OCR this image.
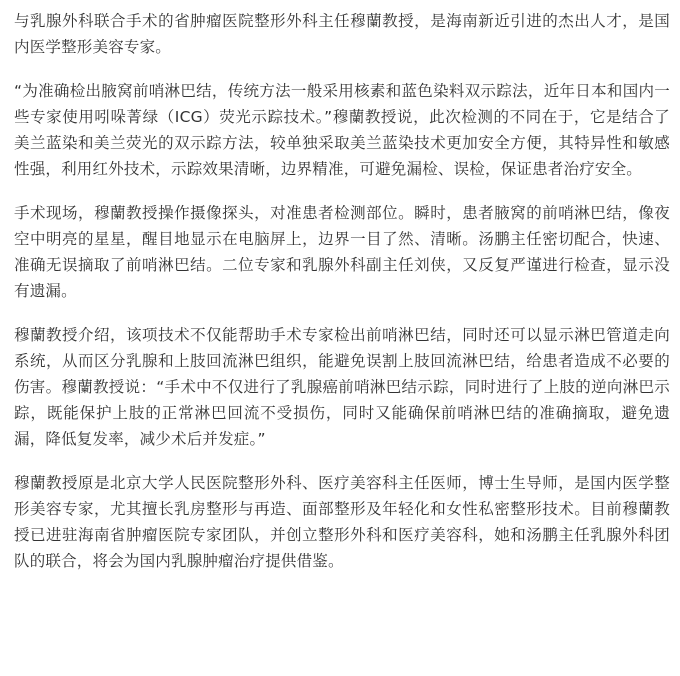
与乳腺外科联合手术的省肿瘤医院整形外科主任穆蘭教授，是海南新近引进的杰出人才，是国内医学整形美容专家。

“为准确检出腋窝前哨淋巴结，传统方法一般采用核素和蓝色染料双示踪法，近年日本和国内一些专家使用吲哚菁绿（ICG）荧光示踪技术。”穆蘭教授说，此次检测的不同在于，它是结合了美兰蓝染和美兰荧光的双示踪方法，较单独采取美兰蓝染技术更加安全方便，其特异性和敏感性强，利用红外技术，示踪效果清晰，边界精准，可避免漏检、误检，保证患者治疗安全。

手术现场，穆蘭教授操作摄像探头，对准患者检测部位。瞬时，患者腋窝的前哨淋巴结，像夜空中明亮的星星，醒目地显示在电脑屏上，边界一目了然、清晰。汤鹏主任密切配合，快速、准确无误摘取了前哨淋巴结。二位专家和乳腺外科副主任刘侠，又反复严谨进行检查，显示没有遗漏。

穆蘭教授介绍，该项技术不仅能帮助手术专家检出前哨淋巴结，同时还可以显示淋巴管道走向系统，从而区分乳腺和上肢回流淋巴组织，能避免误割上肢回流淋巴结，给患者造成不必要的伤害。穆蘭教授说：“手术中不仅进行了乳腺癌前哨淋巴结示踪，同时进行了上肢的逆向淋巴示踪，既能保护上肢的正常淋巴回流不受损伤，同时又能确保前哨淋巴结的准确摘取，避免遗漏，降低复发率，减少术后并发症。”

穆蘭教授原是北京大学人民医院整形外科、医疗美容科主任医师，博士生导师，是国内医学整形美容专家，尤其擅长乳房整形与再造、面部整形及年轻化和女性私密整形技术。目前穆蘭教授已进驻海南省肿瘤医院专家团队，并创立整形外科和医疗美容科，她和汤鹏主任乳腺外科团队的联合，将会为国内乳腺肿瘤治疗提供借鉴。
